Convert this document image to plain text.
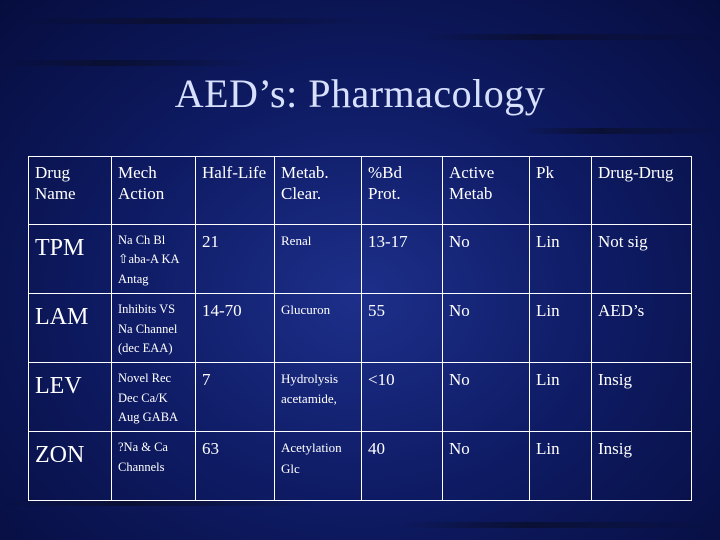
AED’s: Pharmacology
Drug Name	Mech Action	Half-Life	Metab. Clear.	%Bd Prot.	Active Metab	Pk	Drug-Drug
TPM	Na Ch Bl ⇧aba-A KA Antag	21	Renal	13-17	No	Lin	Not sig
LAM	Inhibits VS Na Channel (dec EAA)	14-70	Glucuron	55	No	Lin	AED’s
LEV	Novel Rec Dec Ca/K Aug GABA	7	Hydrolysis acetamide,	<10	No	Lin	Insig
ZON	?Na & Ca Channels	63	Acetylation Glc	40	No	Lin	Insig
